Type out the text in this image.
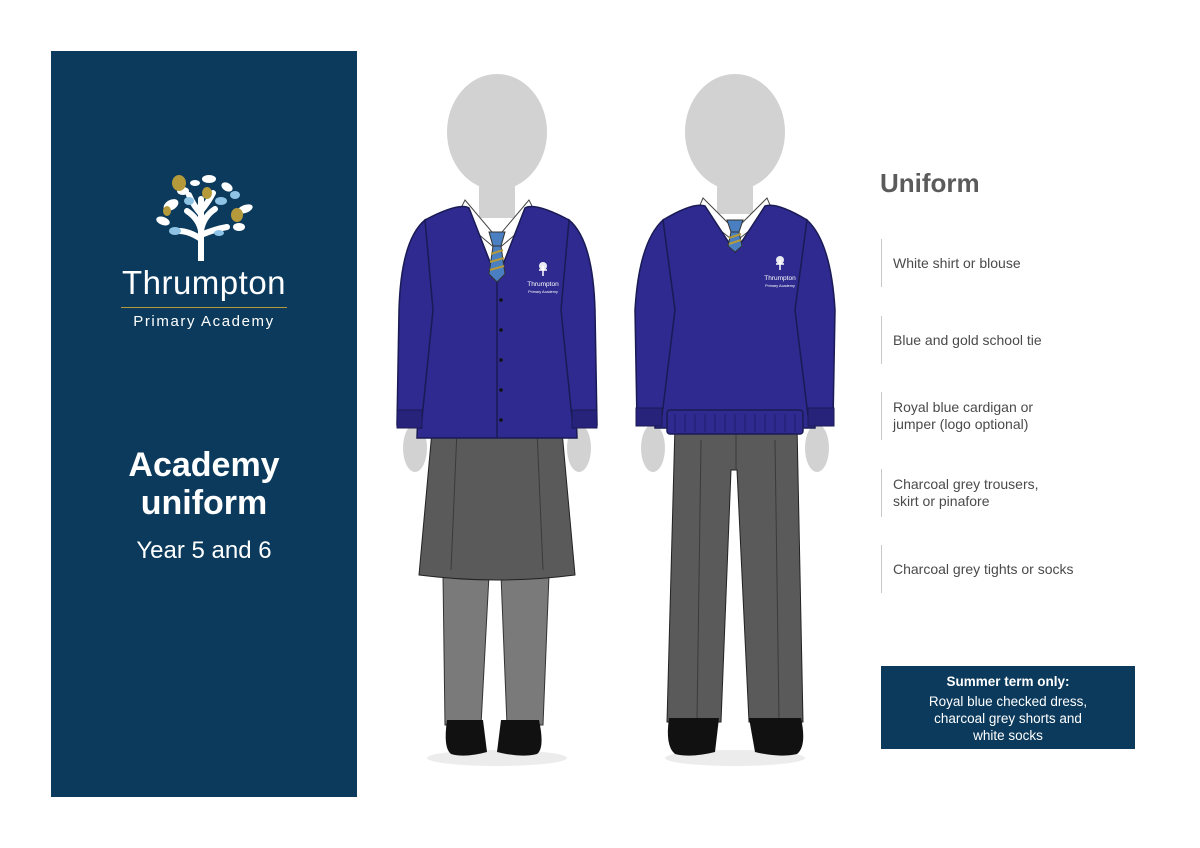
Thrumpton
Primary Academy
Academy
uniform
Year 5 and 6
Thrumpton
Primary Academy
Thrumpton
Primary Academy
Uniform
White shirt or blouse
Blue and gold school tie
Royal blue cardigan or
jumper (logo optional)
Charcoal grey trousers,
skirt or pinafore
Charcoal grey tights or socks
Summer term only:
Royal blue checked dress,
charcoal grey shorts and
white socks
